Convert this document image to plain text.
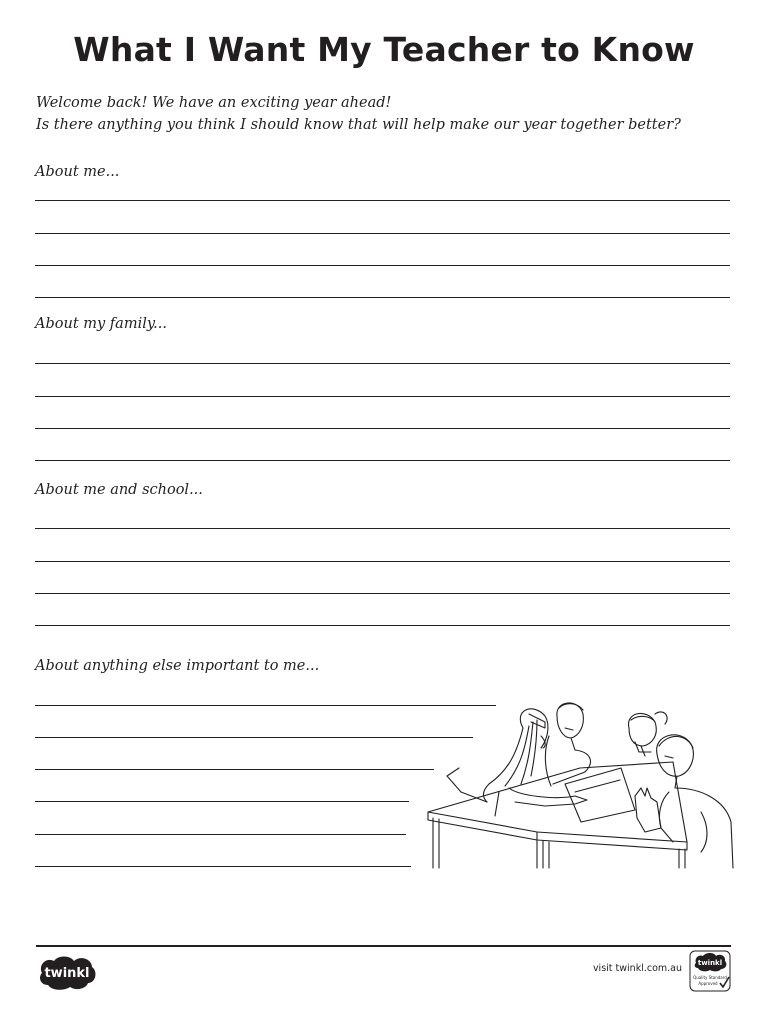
What I Want My Teacher to Know
Welcome back! We have an exciting year ahead!
Is there anything you think I should know that will help make our year together better?
About me...
About my family...
About me and school...
About anything else important to me...
twinkl	visit twinkl.com.au twinkl
Quality Standard
Approved
